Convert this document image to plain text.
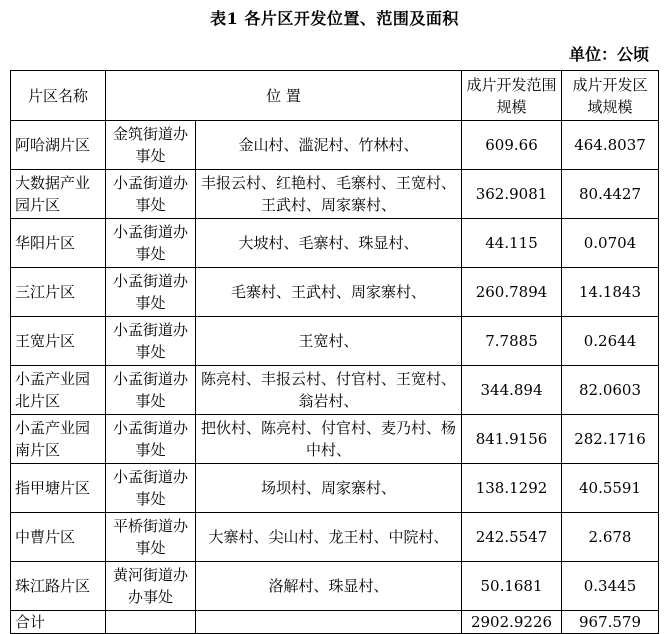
表1 各片区开发位置、范围及面积
单位：公顷
片区名称	位 置		成片开发范围规模	成片开发区域规模
阿哈湖片区	金筑街道办事处	金山村、滥泥村、竹林村、	609.66	464.8037
大数据产业园片区	小孟街道办事处	丰报云村、红艳村、毛寨村、王宽村、王武村、周家寨村、	362.9081	80.4427
华阳片区	小孟街道办事处	大坡村、毛寨村、珠显村、	44.115	0.0704
三江片区	小孟街道办事处	毛寨村、王武村、周家寨村、	260.7894	14.1843
王宽片区	小孟街道办事处	王宽村、	7.7885	0.2644
小孟产业园北片区	小孟街道办事处	陈亮村、丰报云村、付官村、王宽村、翁岩村、	344.894	82.0603
小孟产业园南片区	小孟街道办事处	把伙村、陈亮村、付官村、麦乃村、杨中村、	841.9156	282.1716
指甲塘片区	小孟街道办事处	场坝村、周家寨村、	138.1292	40.5591
中曹片区	平桥街道办事处	大寨村、尖山村、龙王村、中院村、	242.5547	2.678
珠江路片区	黄河街道办办事处	洛解村、珠显村、	50.1681	0.3445
合计			2902.9226	967.579
